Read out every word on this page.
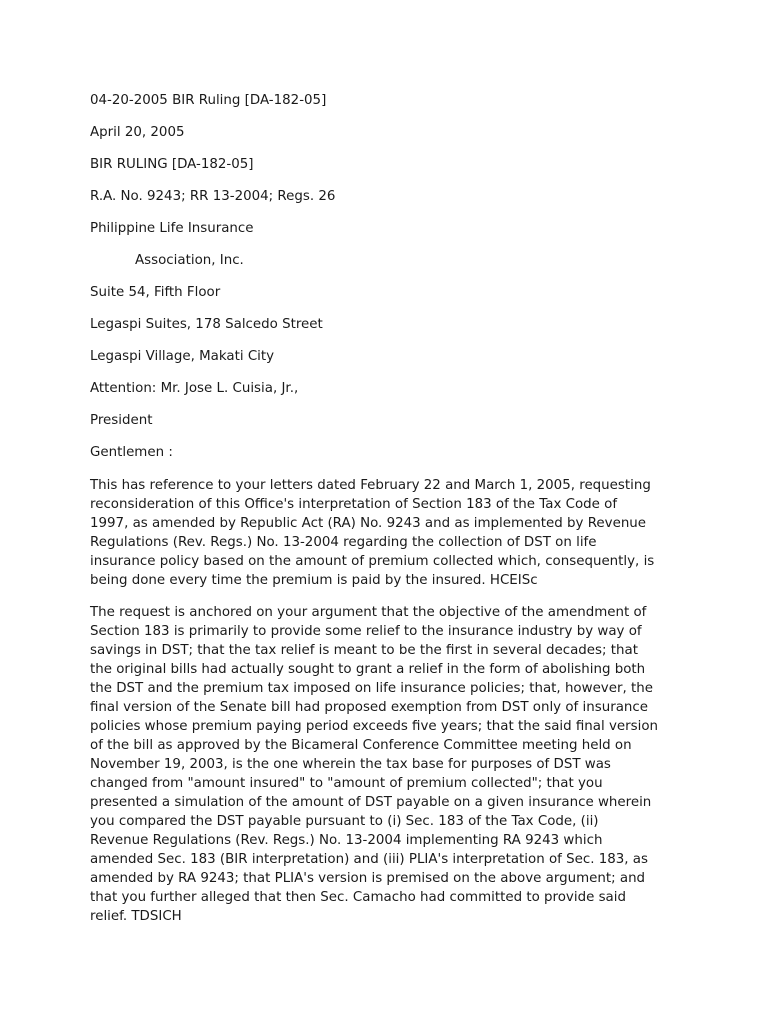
04-20-2005 BIR Ruling [DA-182-05]
April 20, 2005
BIR RULING [DA-182-05]
R.A. No. 9243; RR 13-2004; Regs. 26
Philippine Life Insurance
Association, Inc.
Suite 54, Fifth Floor
Legaspi Suites, 178 Salcedo Street
Legaspi Village, Makati City
Attention: Mr. Jose L. Cuisia, Jr.,
President
Gentlemen :
This has reference to your letters dated February 22 and March 1, 2005, requesting
reconsideration of this Office's interpretation of Section 183 of the Tax Code of
1997, as amended by Republic Act (RA) No. 9243 and as implemented by Revenue
Regulations (Rev. Regs.) No. 13-2004 regarding the collection of DST on life
insurance policy based on the amount of premium collected which, consequently, is
being done every time the premium is paid by the insured. HCEISc
The request is anchored on your argument that the objective of the amendment of
Section 183 is primarily to provide some relief to the insurance industry by way of
savings in DST; that the tax relief is meant to be the first in several decades; that
the original bills had actually sought to grant a relief in the form of abolishing both
the DST and the premium tax imposed on life insurance policies; that, however, the
final version of the Senate bill had proposed exemption from DST only of insurance
policies whose premium paying period exceeds five years; that the said final version
of the bill as approved by the Bicameral Conference Committee meeting held on
November 19, 2003, is the one wherein the tax base for purposes of DST was
changed from "amount insured" to "amount of premium collected"; that you
presented a simulation of the amount of DST payable on a given insurance wherein
you compared the DST payable pursuant to (i) Sec. 183 of the Tax Code, (ii)
Revenue Regulations (Rev. Regs.) No. 13-2004 implementing RA 9243 which
amended Sec. 183 (BIR interpretation) and (iii) PLIA's interpretation of Sec. 183, as
amended by RA 9243; that PLIA's version is premised on the above argument; and
that you further alleged that then Sec. Camacho had committed to provide said
relief. TDSICH
